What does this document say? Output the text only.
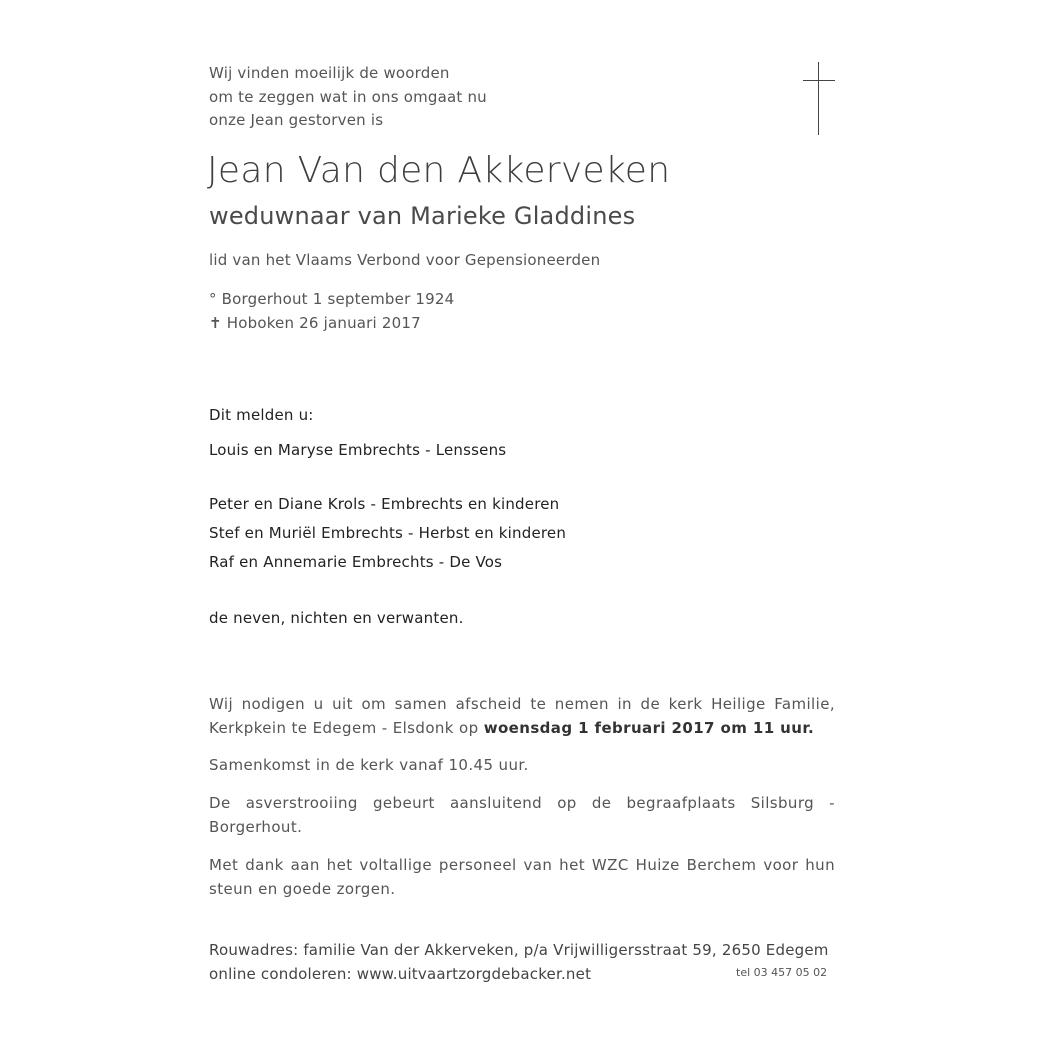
Wij vinden moeilijk de woorden
om te zeggen wat in ons omgaat nu
onze Jean gestorven is
Jean Van den Akkerveken
weduwnaar van Marieke Gladdines
lid van het Vlaams Verbond voor Gepensioneerden
° Borgerhout 1 september 1924
✝ Hoboken 26 januari 2017
Dit melden u:
Louis en Maryse Embrechts - Lenssens
Peter en Diane Krols - Embrechts en kinderen
Stef en Muriël Embrechts - Herbst en kinderen
Raf en Annemarie Embrechts - De Vos
de neven, nichten en verwanten.

Wij nodigen u uit om samen afscheid te nemen in de kerk Heilige Familie, Kerkpkein te Edegem - Elsdonk op woensdag 1 februari 2017 om 11 uur.

Samenkomst in de kerk vanaf 10.45 uur.

De asverstrooiing gebeurt aansluitend op de begraafplaats Silsburg - Borgerhout.

Met dank aan het voltallige personeel van het WZC Huize Berchem voor hun steun en goede zorgen.

Rouwadres: familie Van der Akkerveken, p/a Vrijwilligersstraat 59, 2650 Edegem
online condoleren: www.uitvaartzorgdebacker.net	tel 03 457 05 02
